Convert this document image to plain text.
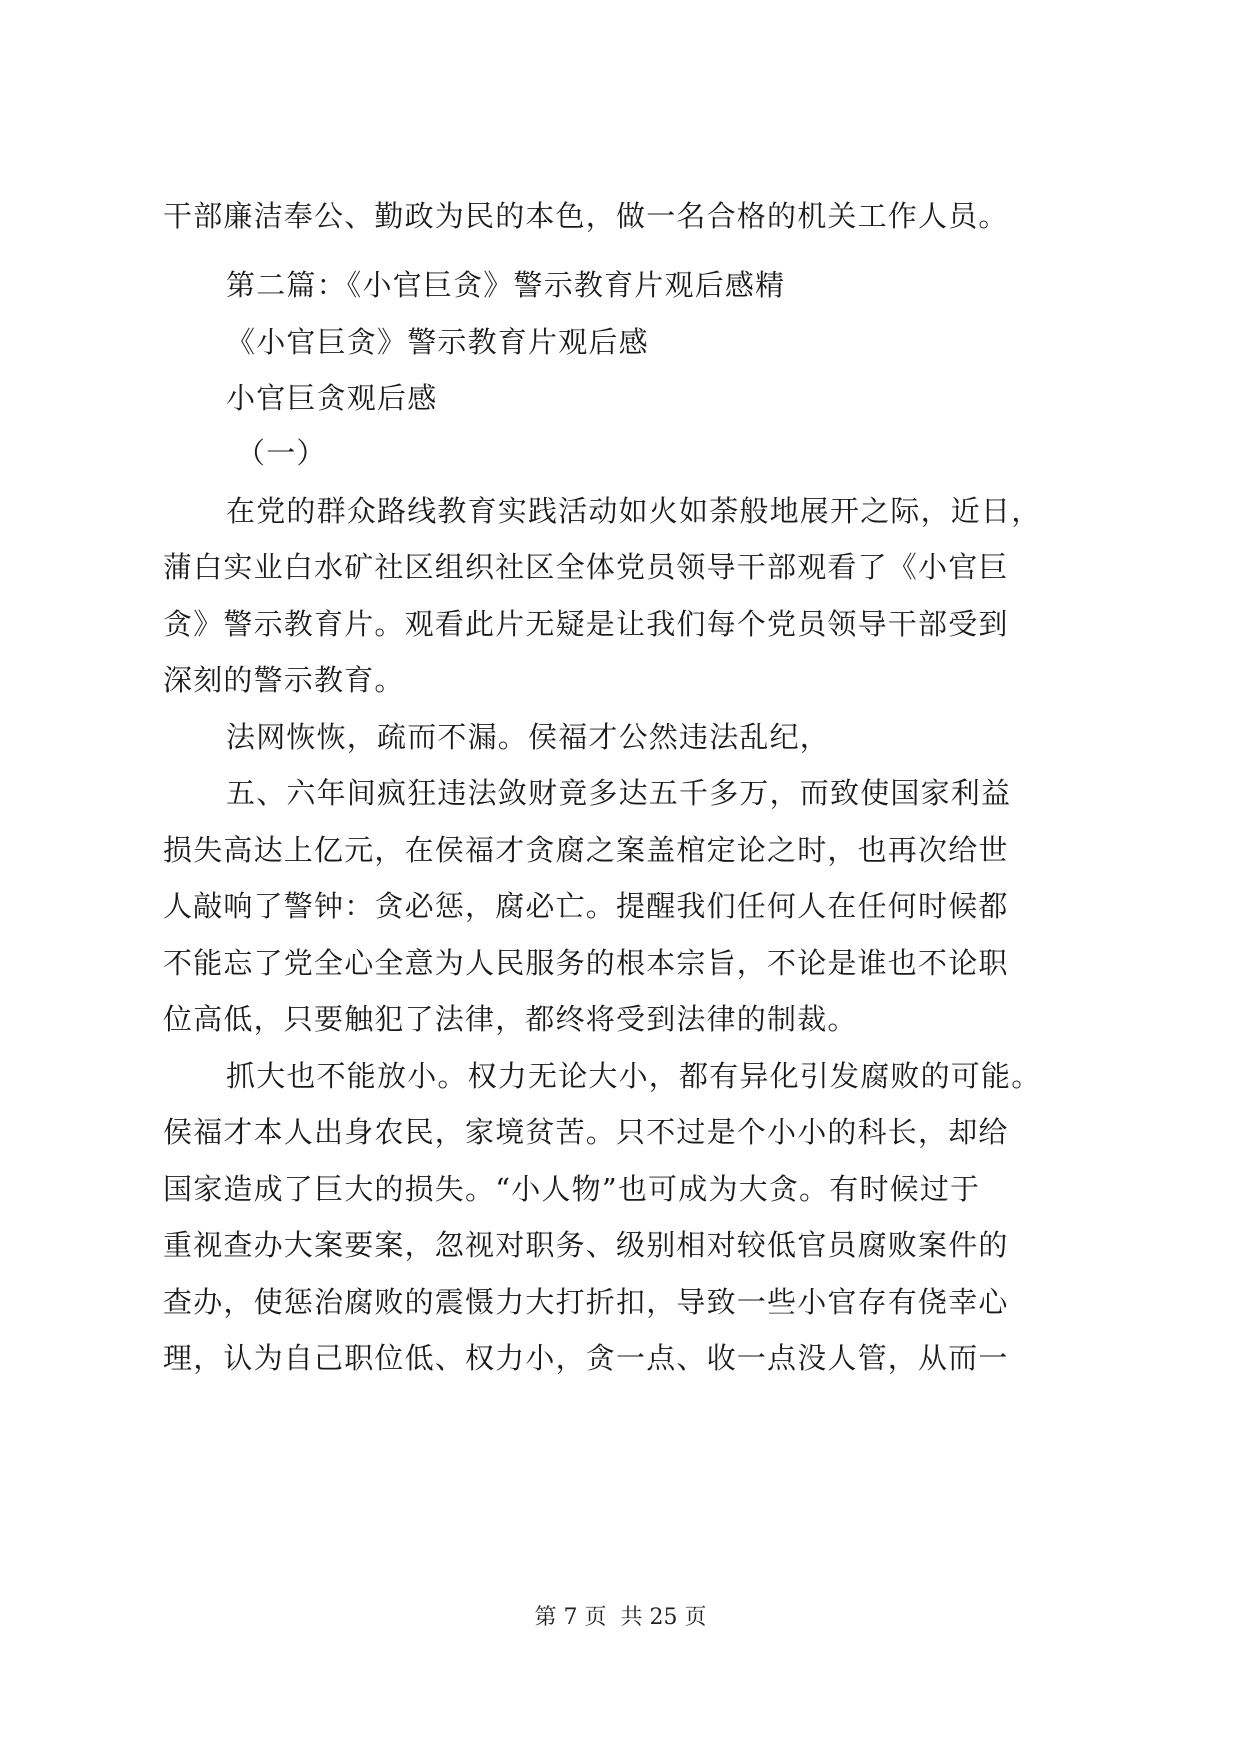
干部廉洁奉公、勤政为民的本色，做一名合格的机关工作人员。
第二篇：《小官巨贪》警示教育片观后感精
《小官巨贪》警示教育片观后感
小官巨贪观后感
（一）
在党的群众路线教育实践活动如火如荼般地展开之际，近日，
蒲白实业白水矿社区组织社区全体党员领导干部观看了《小官巨
贪》警示教育片。观看此片无疑是让我们每个党员领导干部受到
深刻的警示教育。
法网恢恢，疏而不漏。侯福才公然违法乱纪，
五、六年间疯狂违法敛财竟多达五千多万，而致使国家利益
损失高达上亿元，在侯福才贪腐之案盖棺定论之时，也再次给世
人敲响了警钟：贪必惩，腐必亡。提醒我们任何人在任何时候都
不能忘了党全心全意为人民服务的根本宗旨，不论是谁也不论职
位高低，只要触犯了法律，都终将受到法律的制裁。
抓大也不能放小。权力无论大小，都有异化引发腐败的可能。
侯福才本人出身农民，家境贫苦。只不过是个小小的科长，却给
国家造成了巨大的损失。“小人物”也可成为大贪。有时候过于
重视查办大案要案，忽视对职务、级别相对较低官员腐败案件的
查办，使惩治腐败的震慑力大打折扣，导致一些小官存有侥幸心
理，认为自己职位低、权力小，贪一点、收一点没人管，从而一
第 7 页  共 25 页
